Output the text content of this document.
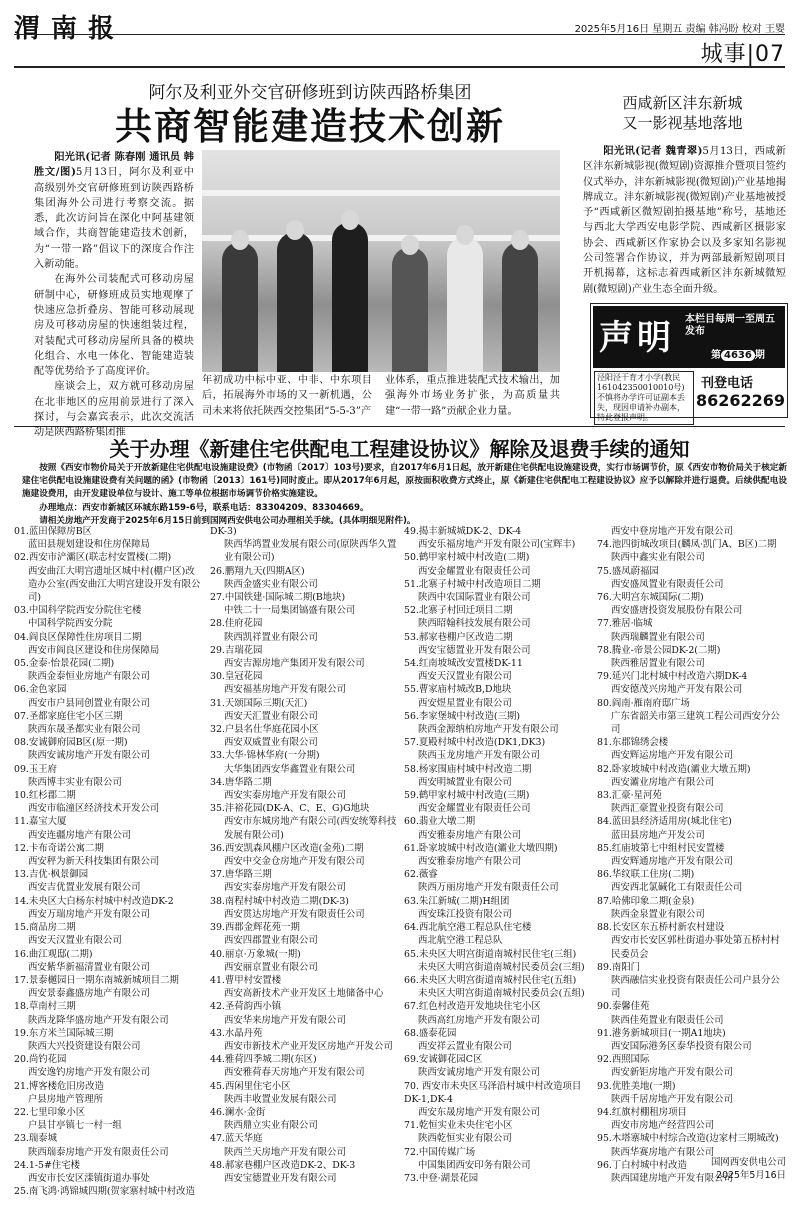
渭 南 报	2025年5月16日 星期五 责编 韩冯盼 校对 王婴
城事|07
阿尔及利亚外交官研修班到访陕西路桥集团
共商智能建造技术创新

阳光讯(记者 陈春刚 通讯员 韩胜文/图)5月13日，阿尔及利亚中高级别外交官研修班到访陕西路桥集团海外公司进行考察交流。据悉，此次访问旨在深化中阿基建领域合作，共商智能建造技术创新，为“一带一路”倡议下的深度合作注入新动能。

在海外公司装配式可移动房屋研制中心，研修班成员实地观摩了快速应急折叠房、智能可移动展现房及可移动房屋的快速组装过程，对装配式可移动房屋所具备的模块化组合、水电一体化、智能建造装配等优势给予了高度评价。

座谈会上，双方就可移动房屋在北非地区的应用前景进行了深入探讨，与会嘉宾表示，此次交流活动是陕西路桥集团推

年初成功中标中亚、中非、中东项目后，拓展海外市场的又一新机遇，公司未来将依托陕西交控集团“5-5-3”产

业体系，重点推进装配式技术输出，加强海外市场业务扩张，为高质量共建“一带一路”贡献企业力量。

西咸新区沣东新城
又一影视基地落地

阳光讯(记者 魏青翠)5月13日，西咸新区沣东新城影视(微短剧)资源推介暨项目签约仪式举办，沣东新城影视(微短剧)产业基地揭牌成立。沣东新城影视(微短剧)产业基地被授予“西咸新区微短剧拍摄基地”称号，基地还与西北大学西安电影学院、西咸新区摄影家协会、西咸新区作家协会以及多家知名影视公司签署合作协议，并为两部最新短剧项目开机揭幕，这标志着西咸新区沣东新城微短剧(微短剧)产业生态全面升级。

声明 本栏目每周一至周五发布
第 4636 期
泾阳泾干育才小学(教民161042350010010号)不慎将办学许可证副本丢失，现因申请补办副本，特此登报声明。
刊登电话
86262269
关于办理《新建住宅供配电工程建设协议》解除及退费手续的通知

按照《西安市物价局关于开放新建住宅供配电设施建设费》(市物函〔2017〕103号)要求，自2017年6月1日起，放开新建住宅供配电设施建设费，实行市场调节价，原《西安市物价局关于核定新建住宅供配电设施建设费有关问题的函》(市物函〔2013〕161号)同时废止。即从2017年6月起，原按面积收费方式终止，原《新建住宅供配电工程建设协议》应予以解除并进行退费。后续供配电设施建设费用，由开发建设单位与设计、施工等单位根据市场调节价格实施建设。

办理地点：西安市新城区环城东路159-6号，联系电话：83304209、83304669。

请相关房地产开发商于2025年6月15日前到国网西安供电公司办理相关手续。(具体明细见附件)。

01.蓝田保障房B区
蓝田县规划建设和住房保障局
02.西安市浐灞区(联志村安置楼(二期)
西安曲江大明宫遗址区城中村(棚户区)改造办公室(西安曲江大明宫建设开发有限公司)
03.中国科学院西安分院住宅楼
中国科学院西安分院
04.阎良区保障性住房项目二期
西安市阎良区建设和住房保障局
05.金泰·怡景花园(二期)
陕西金泰恒业房地产有限公司
06.金色家园
西安市户县同创置业有限公司
07.圣都家庭住宅小区三期
陕西东晟圣都实业有限公司
08.安诚御府园B区(原一期)
陕西安诚房地产开发有限公司
09.玉王府
陕西博丰实业有限公司
10.红杉郡二期
西安市临潼区经济技术开发公司
11.嘉宝大厦
西安连疆房地产有限公司
12.卡布奇诺公寓二期
西安秤为新天科技集团有限公司
13.吉优·枫景御园
西安吉优置业发展有限公司
14.未央区大白杨东村城中村改造DK-2
西安万瑞房地产开发有限公司
15.商品房二期
西安天汉置业有限公司
16.曲江观邸(二期)
西安紫华新福清置业有限公司
17.景泰樾园日一期东南城新城项目二期
西安景泰鑫盛房地产有限公司
18.草南村三期
陕西龙降华盛房地产开发有限公司
19.东方米兰国际城三期
陕西大兴投资建设有限公司
20.尚钓花园
西安逸钓房地产开发有限公司
21.博客楼危旧房改造
户县房地产管理所
22.七里印象小区
户县甘亭镇七一村一组
23.瑞泰城
陕西瑞泰房地产开发有限责任公司
24.1-5#住宅楼
西安市长安区滦镇街道办事处
25.南飞鸿·鸿锦城四期(贺家寨村城中村改造
DK-3)
陕西华鸿置业发展有限公司(原陕西华久置业有限公司)
26.鹏翔九天(四期A区)
陕西金盛实业有限公司
27.中国铁建·国际城二期(B地块)
中铁二十一局集团镐盛有限公司
28.佳府花园
陕西凯祥置业有限公司
29.吉瑞花园
西安吉源房地产集团开发有限公司
30.皇冠花园
西安福基房地产开发有限公司
31.天颂国际三期(天汇)
西安天汇置业有限公司
32.户县名仕华庭花园小区
西安双威置业有限公司
33.大华·锦林华府(一分期)
大华集团西安华鑫置业有限公司
34.唐华路二期
西安实泰房地产开发有限公司
35.沣裕花园(DK-A、C、E、G)G地块
西安市东城房地产有限公司(西安统筹科技发展有限公司)
36.西安凯森风棚户区改造(金苑)二期
西安中交金仓房地产开发有限公司
37.唐华路三期
西安实泰房地产开发有限公司
38.南程村城中村改造二期(DK-3)
西安贯达房地产开发有限责任公司
39.西郡金辉花苑一期
西安四郡置业有限公司
40.丽京·万象城(一期)
西安丽京置业有限公司
41.曹甲村安置楼
西安高新技术产业开发区土地储备中心
42.圣荷韵西小镇
西安华来房地产开发有限公司
43.水晶丹苑
西安市新技术产业开发区房地产开发公司
44.雅荷四季城二期(东区)
西安雅荷春天房地产开发有限公司
45.西闲里住宅小区
陕西丰收置业发展有限公司
46.澜水·金街
陕西鼎立实业有限公司
47.蓝天华庭
陕西兰天房地产开发有限公司
48.郝家巷棚户区改造DK-2、DK-3
西安宝德置业开发有限公司
49.揭丰新城城DK-2、DK-4
西安乐福房地产开发有限公司(宝辉丰)
50.鹤甲家村城中村改造(二期)
西安金耀置业有限责任公司
51.北寨子村城中村改造项目二期
陕西中农国际置业有限公司
52.北寨子村回迁项目二期
陕西昭翰科技发展有限公司
53.郝家巷棚户区改造二期
西安宝德置业开发有限公司
54.红南坡城改安置楼DK-11
西安天汉置业有限公司
55.曹家庙村城改B,D地块
西安煜星置业有限公司
56.李家堡城中村改造(三期)
陕西金源纳柏房地产开发有限公司
57.夏殿村城中村改造(DK1,DK3)
陕西玉龙房地产开发有限公司
58.杨家围庙村城中村改造二期
西安明城置业有限公司
59.鹤甲家村城中村改造(三期)
西安金耀置业有限责任公司
60.翡业大墩二期
西安雅泰房地产有限公司
61.卧家坡城中村改造(灞业大墩四期)
西安雅泰房地产有限公司
62.薇睿
陕西万丽房地产开发有限责任公司
63.朱江新城(二期)H组团
西安珠江投资有限公司
64.西北航空港工程总队住宅楼
西北航空港工程总队
65.未央区大明宫街道南城村民住宅(三组)
未央区大明宫街道南城村民委员会(三组)
66.未央区大明宫街道南城村民住宅(五组)
未央区大明宫街道南城村民委员会(五组)
67.红色村改造开发地块住宅小区
陕西高红房地产开发有限公司
68.盛泰花园
西安祥云置业有限公司
69.安诚御花园C区
陕西安诚房地产开发有限公司
70. 西安市未央区马泽沿村城中村改造项目DK-1,DK-4
西安东晟房地产开发有限公司
71.乾恒实业未央住宅小区
陕西乾恒实业有限公司
72.中国传媒广场
中国集团西安印务有限公司
73.中登·湖景花园
西安中登房地产开发有限公司
74.池四街城改项目(麟凤·凯门A、B区)二期
陕西中鑫实业有限公司
75.盛凤蔚福园
西安盛凤置业有限责任公司
76.大明宫东城国际(二期)
西安盛唐投资发展股份有限公司
77.雅居·临城
陕西瑞麟置业有限公司
78.腾业-帝景公园DK-2(二期)
陕西雅居置业有限公司
79.延兴门北村城中村改造六期DK-4
西安德茂兴房地产开发有限公司
80.阎南·雁南府邸广场
广东省韶关市第三建筑工程公司西安分公司
81.东郡锦绣会楼
西安辉运房地产开发有限公司
82.卧家坡城中村改造(灞业大墩五期)
西安灞业房地产有限公司
83.汇豪·星河苑
陕西汇豪置业投资有限公司
84.蓝田县经济适用房(城北住宅)
蓝田县房地产开发公司
85.红庙坡第七中组村民安置楼
西安辉通房地产开发有限公司
86.华纹联工住房(二期)
西安西北氯碱化工有限责任公司
87.哈佛印象二期(金泉)
陕西金泉置业有限公司
88.长安区东五桥村新农村建设
西安市长安区郭杜街道办事处第五桥村村民委员会
89.南阳门
陕西融信实业投资有限责任公司户县分公司
90.泰馨佳苑
陕西佳苑置业有限责任公司
91.港务新城项目(一期A1地块)
西安国际港务区泰华投资有限公司
92.西照国际
西安新钜房地产开发有限公司
93.优胜美地(一期)
陕西千居房地产开发有限公司
94.红旗村棚租房项目
西安市房地产经营四公司
95.木塔寨城中村综合改造(边家村三期城改)
陕西华赛房地产有限公司
96.丁白村城中村改造
陕西国建房地产开发有限公司
国网西安供电公司
2025年5月16日
